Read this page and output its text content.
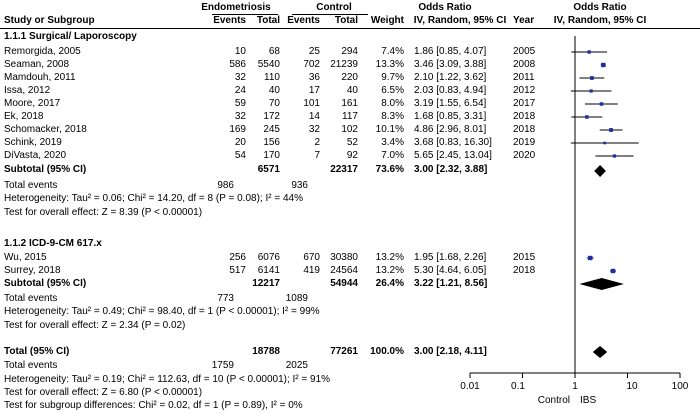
Endometriosis	Control	Odds Ratio	Odds Ratio
Study or Subgroup	Events	Total Events	Total	Weight IV, Random, 95% CI Year	IV, Random, 95% CI
1.1.1 Surgical/ Laporoscopy
Remorgida, 2005	10	68	25	294	7.4% 1.86 [0.85, 4.07]	2005
Seaman, 2008	586	5540	702	21239	13.3% 3.46 [3.09, 3.88]	2008
Mamdouh, 2011	32	110	36	220	9.7% 2.10 [1.22, 3.62]	2011
Issa, 2012	24	40	17	40	6.5% 2.03 [0.83, 4.94]	2012
Moore, 2017	59	70	101	161	8.0% 3.19 [1.55, 6.54]	2017
Ek, 2018	32	172	14	117	8.3% 1.68 [0.85, 3.31]	2018
Schomacker, 2018	169	245	32	102	10.1% 4.86 [2.96, 8.01]	2018
Schink, 2019	20	156	2	52	3.4% 3.68 [0.83, 16.30] 2019
DiVasta, 2020	54	170	7	92	7.0% 5.65 [2.45, 13.04] 2020
Subtotal (95% CI)	6571	22317	73.6% 3.00 [2.32, 3.88]
Total events	986	936
Heterogeneity: Tau² = 0.06; Chi² = 14.20, df = 8 (P = 0.08); I² = 44%
Test for overall effect: Z = 8.39 (P < 0.00001)
1.1.2 ICD-9-CM 617.x
Wu, 2015	256	6076	670	30380	13.2% 1.95 [1.68, 2.26]	2015
Surrey, 2018	517	6141	419	24564	13.2% 5.30 [4.64, 6.05]	2018
Subtotal (95% CI)	12217	54944	26.4% 3.22 [1.21, 8.56]
Total events	773	1089
Heterogeneity: Tau² = 0.49; Chi² = 98.40, df = 1 (P < 0.00001); I² = 99%
Test for overall effect: Z = 2.34 (P = 0.02)
Total (95% CI)	18788	77261	100.0% 3.00 [2.18, 4.11]
Total events	1759	2025
Heterogeneity: Tau² = 0.19; Chi² = 112.63, df = 10 (P < 0.00001); I² = 91%
Test for overall effect: Z = 6.80 (P < 0.00001)
Test for subgroup differences: Chi² = 0.02, df = 1 (P = 0.89), I² = 0%
0.01	0.1	1	10	100
Control IBS
